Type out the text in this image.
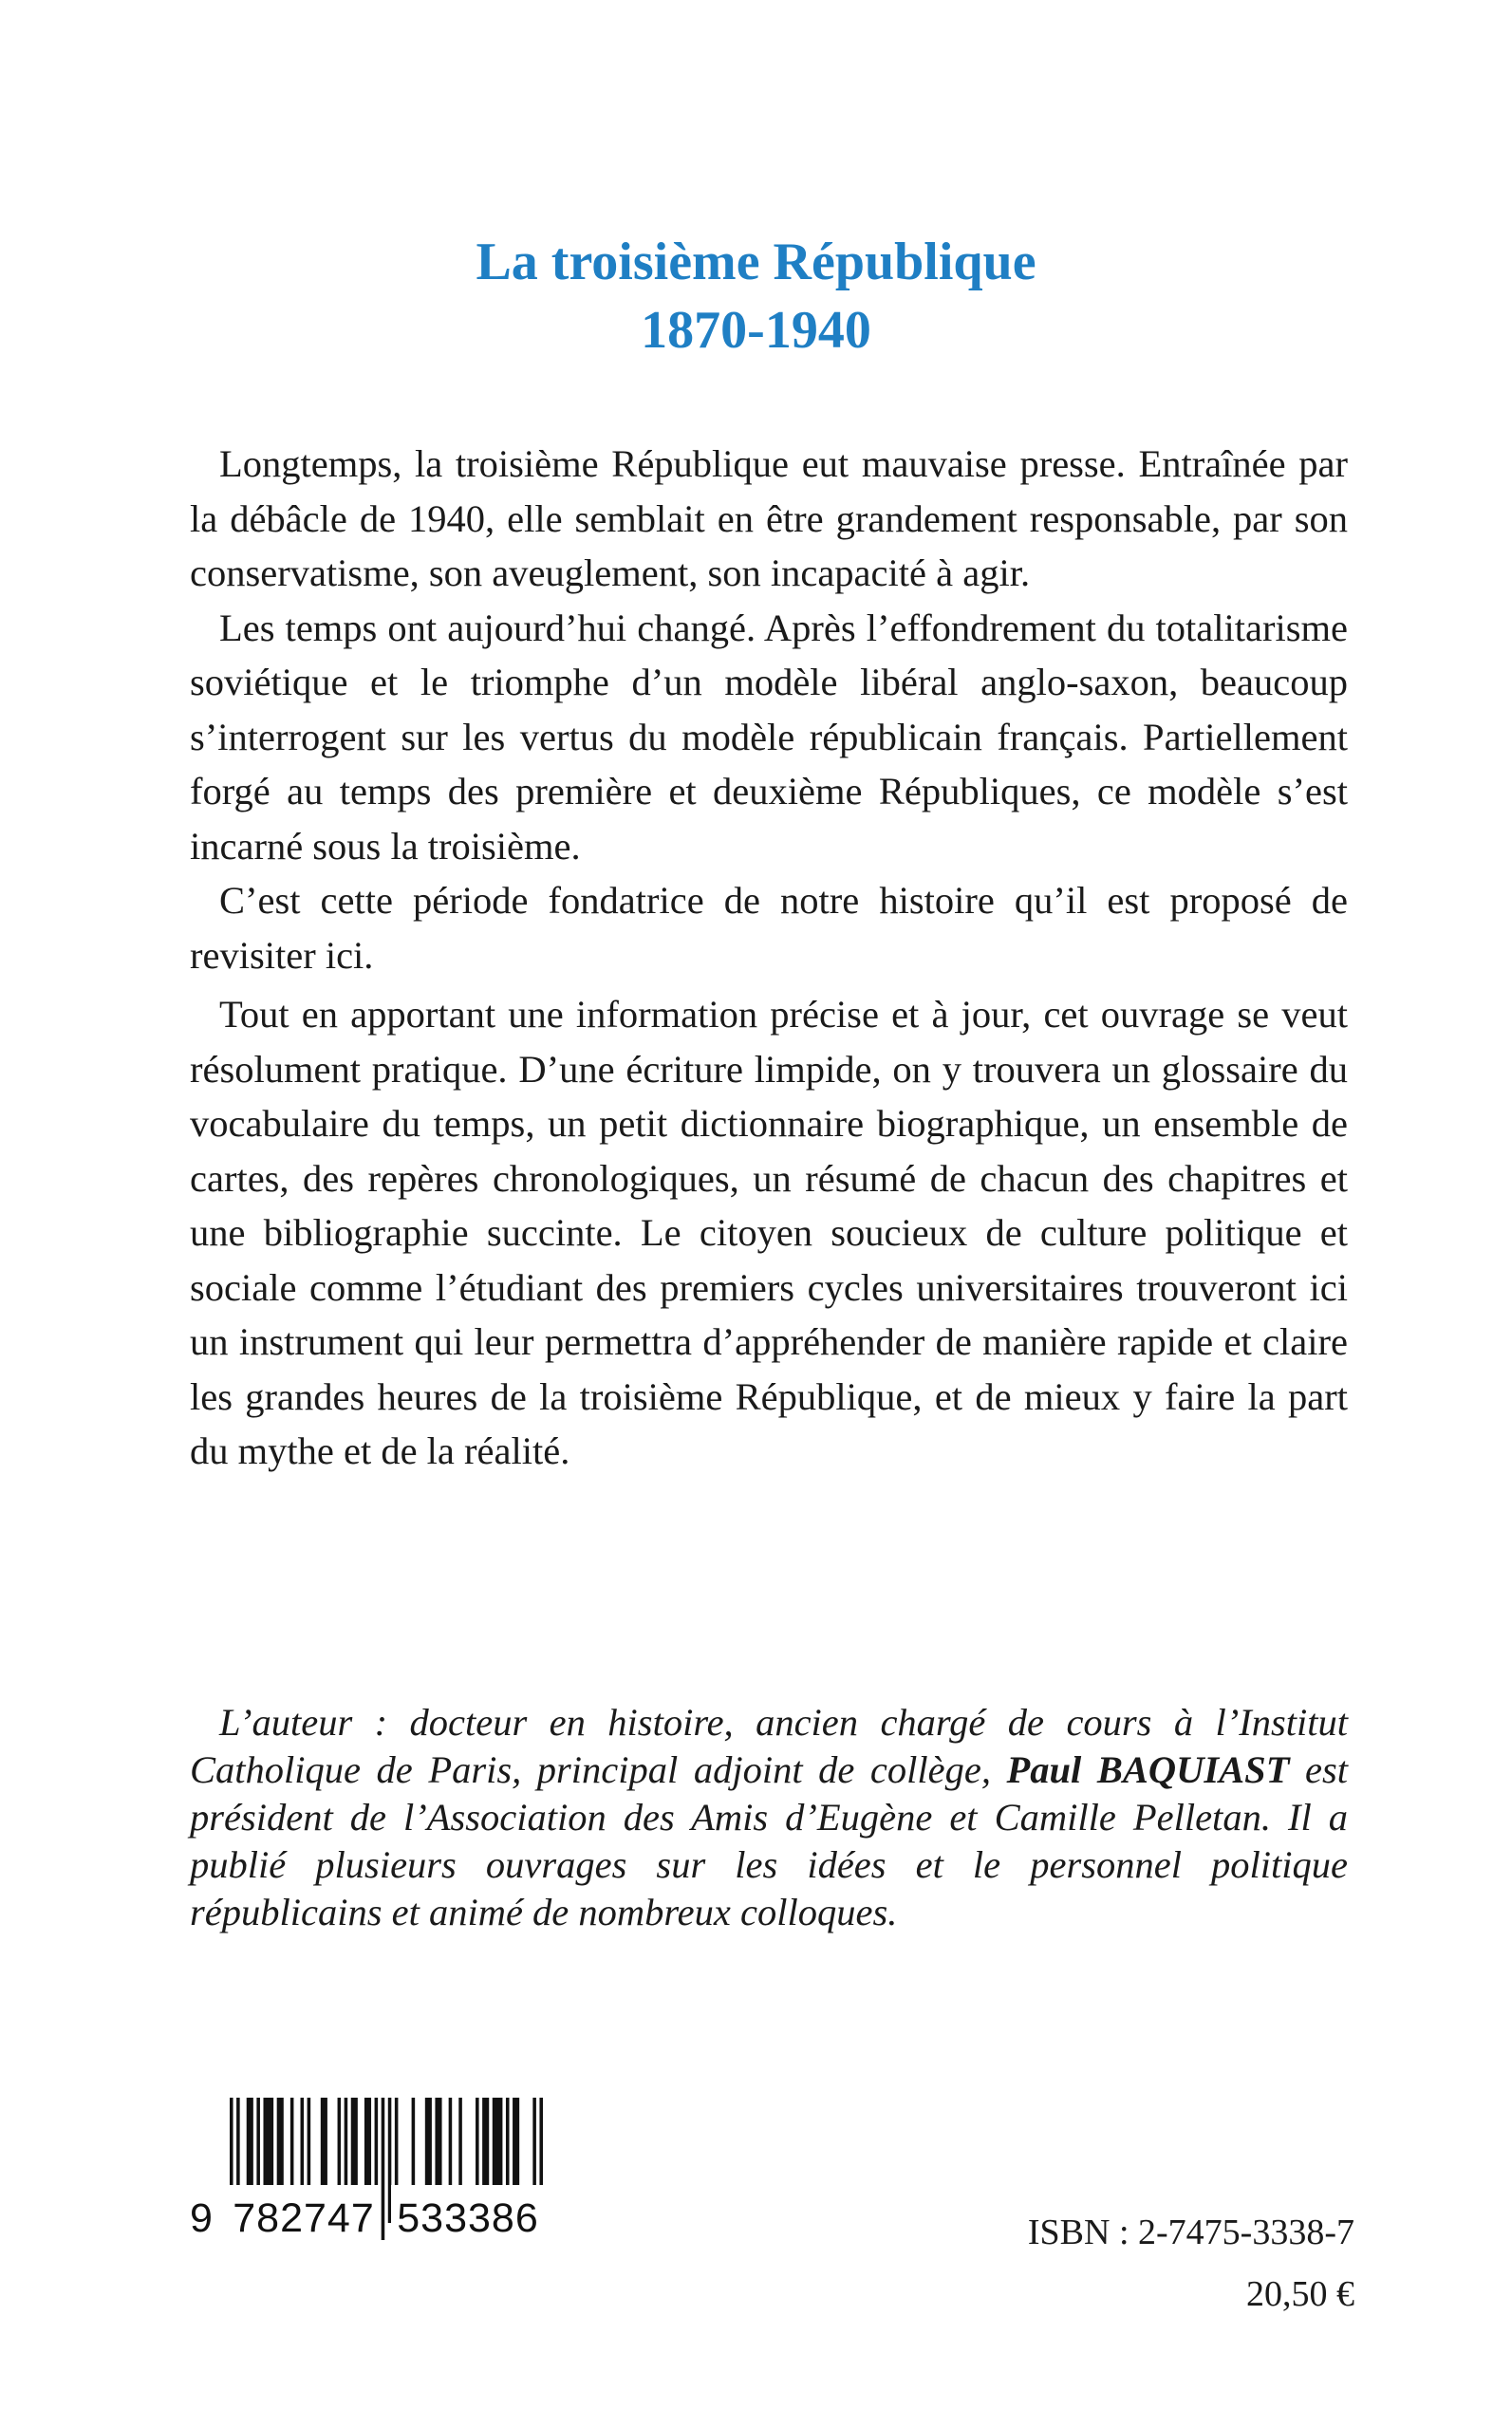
La troisième République
1870-1940

Longtemps, la troisième République eut mauvaise presse. Entraînée par la débâcle de 1940, elle semblait en être grandement responsable, par son conservatisme, son aveuglement, son incapacité à agir.

Les temps ont aujourd’hui changé. Après l’effondrement du totalitarisme soviétique et le triomphe d’un modèle libéral anglo-saxon, beaucoup s’interrogent sur les vertus du modèle républicain français. Partiellement forgé au temps des première et deuxième Républiques, ce modèle s’est incarné sous la troisième.

C’est cette période fondatrice de notre histoire qu’il est proposé de revisiter ici.

Tout en apportant une information précise et à jour, cet ouvrage se veut résolument pratique. D’une écriture limpide, on y trouvera un glossaire du vocabulaire du temps, un petit dictionnaire biographique, un ensemble de cartes, des repères chronologiques, un résumé de chacun des chapitres et une bibliographie succinte. Le citoyen soucieux de culture politique et sociale comme l’étudiant des premiers cycles universitaires trouveront ici un instrument qui leur permettra d’appréhender de manière rapide et claire les grandes heures de la troisième République, et de mieux y faire la part du mythe et de la réalité.

L’auteur : docteur en histoire, ancien chargé de cours à l’Institut Catholique de Paris, principal adjoint de collège, Paul BAQUIAST est président de l’Association des Amis d’Eugène et Camille Pelletan. Il a publié plusieurs ouvrages sur les idées et le personnel politique républicains et animé de nombreux colloques.

9 782747 533386	ISBN : 2-7475-3338-7

20,50 €
